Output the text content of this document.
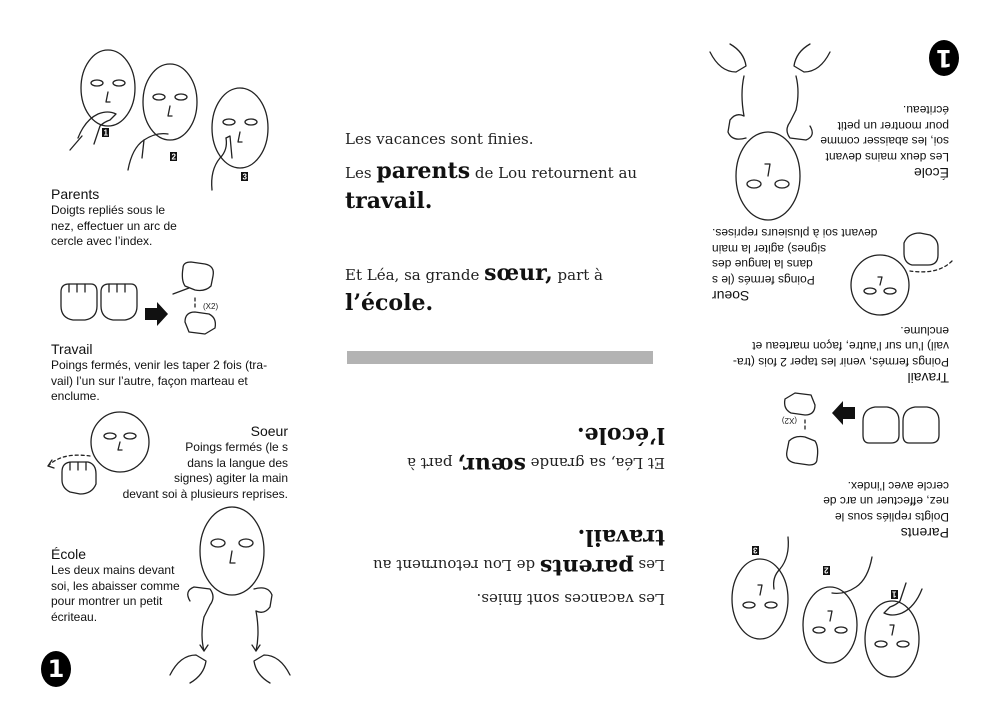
1
2
3

Parents

Doigts repliés sous le nez, effectuer un arc de cercle avec l’index.

(X2)

Travail

Poings fermés, venir les taper 2 fois (tra-vail) l’un sur l’autre, façon marteau et enclume.

Soeur

Poings fermés (le s

dans la langue des

signes) agiter la main

devant soi à plusieurs reprises.

École

Les deux mains devant

soi, les abaisser comme

pour montrer un petit

écriteau.

1

Les vacances sont finies.

Les parents de Lou retournent au

travail.

Et Léa, sa grande sœur, part à

l’école.

Les vacances sont finies.

Les parents de Lou retournent au

travail.

Et Léa, sa grande sœur, part à

l’école.

1
2
3

Parents

Doigts repliés sous le nez, effectuer un arc de cercle avec l’index.

(X2)

Travail

Poings fermés, venir les taper 2 fois (tra-vail) l’un sur l’autre, façon marteau et enclume.

Soeur

Poings fermés (le s

dans la langue des

signes) agiter la main

devant soi à plusieurs reprises.

École

Les deux mains devant

soi, les abaisser comme

pour montrer un petit

écriteau.

1
